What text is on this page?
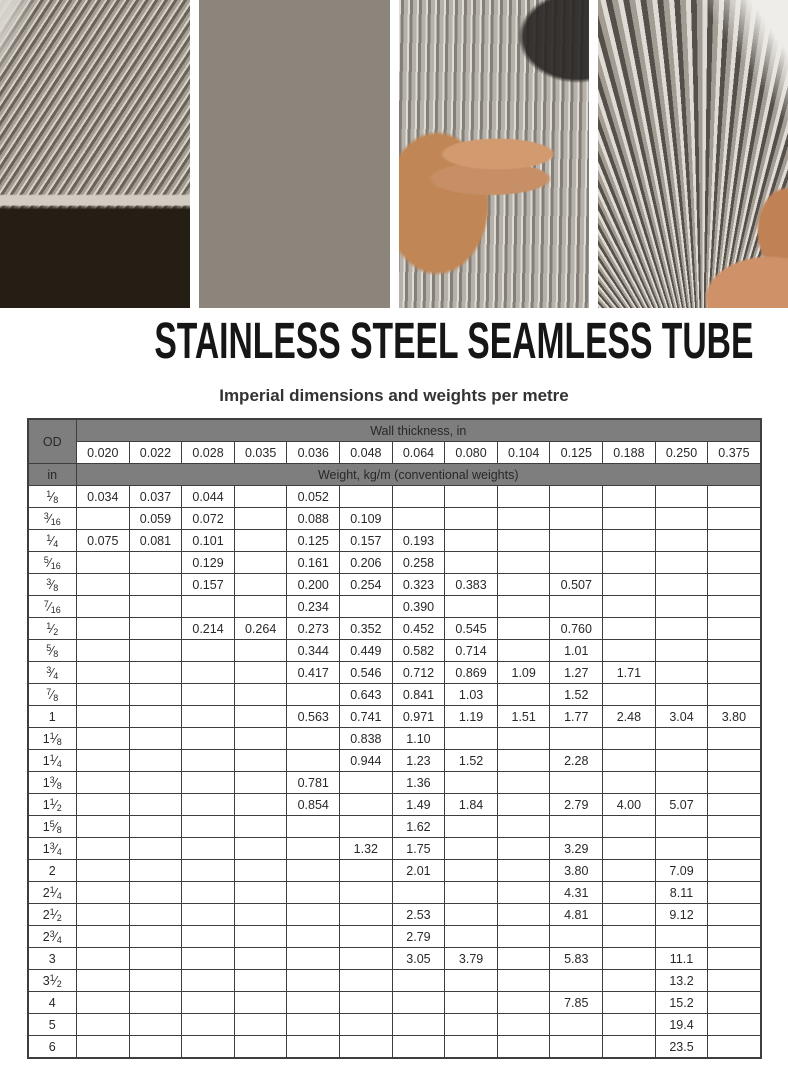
STAINLESS STEEL SEAMLESS TUBE
Imperial dimensions and weights per metre
OD	Wall thickness, in												
	0.020	0.022	0.028	0.035	0.036	0.048	0.064	0.080	0.104	0.125	0.188	0.250	0.375
in	Weight, kg/m (conventional weights)												
$^1⁄_8$	0.034	0.037	0.044		0.052								
$^3⁄_{16}$		0.059	0.072		0.088	0.109							
$^1⁄_4$	0.075	0.081	0.101		0.125	0.157	0.193						
$^5⁄_{16}$			0.129		0.161	0.206	0.258						
$^3⁄_8$			0.157		0.200	0.254	0.323	0.383		0.507			
$^7⁄_{16}$					0.234		0.390						
$^1⁄_2$			0.214	0.264	0.273	0.352	0.452	0.545		0.760			
$^5⁄_8$					0.344	0.449	0.582	0.714		1.01			
$^3⁄_4$					0.417	0.546	0.712	0.869	1.09	1.27	1.71		
$^7⁄_8$						0.643	0.841	1.03		1.52			
1					0.563	0.741	0.971	1.19	1.51	1.77	2.48	3.04	3.80
$1^1⁄_8$						0.838	1.10						
$1^1⁄_4$						0.944	1.23	1.52		2.28			
$1^3⁄_8$					0.781		1.36						
$1^1⁄_2$					0.854		1.49	1.84		2.79	4.00	5.07	
$1^5⁄_8$							1.62						
$1^3⁄_4$						1.32	1.75			3.29			
2							2.01			3.80		7.09	
$2^1⁄_4$										4.31		8.11	
$2^1⁄_2$							2.53			4.81		9.12	
$2^3⁄_4$							2.79						
3							3.05	3.79		5.83		11.1	
$3^1⁄_2$												13.2	
4										7.85		15.2	
5												19.4	
6												23.5	
